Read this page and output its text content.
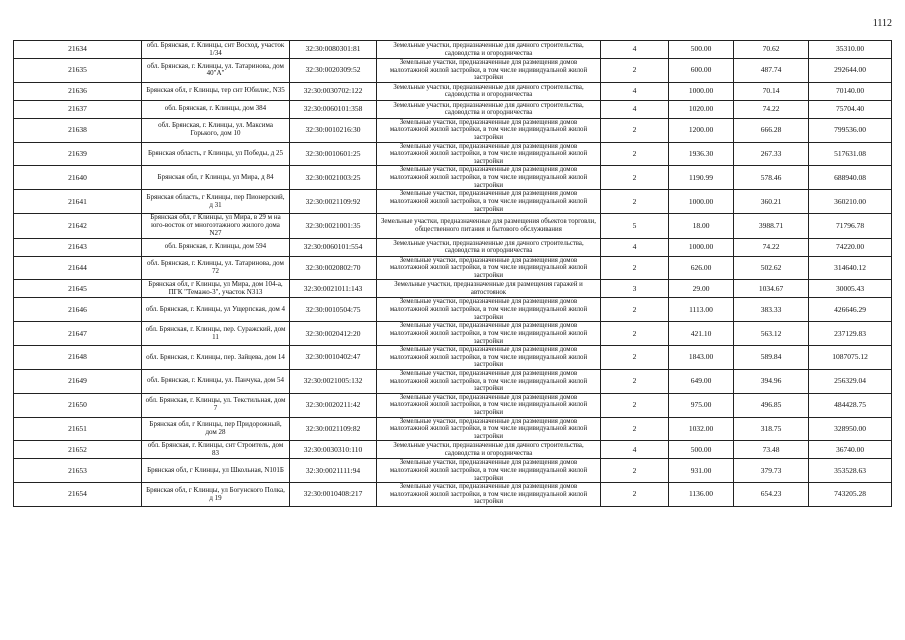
1112
21634	обл. Брянская, г. Клинцы, снт Восход, участок 1/34	32:30:0080301:81	Земельные участки, предназначенные для дачного строительства, садоводства и огородничества	4	500.00	70.62	35310.00
21635	обл. Брянская, г. Клинцы, ул. Татаринова, дом 40"А"	32:30:0020309:52	Земельные участки, предназначенные для размещения домов малоэтажной жилой застройки, в том числе индивидуальной жилой застройки	2	600.00	487.74	292644.00
21636	Брянская обл, г Клинцы, тер снт Юбилис, N35	32:30:0030702:122	Земельные участки, предназначенные для дачного строительства, садоводства и огородничества	4	1000.00	70.14	70140.00
21637	обл. Брянская, г. Клинцы, дом 384	32:30:0060101:358	Земельные участки, предназначенные для дачного строительства, садоводства и огородничества	4	1020.00	74.22	75704.40
21638	обл. Брянская, г. Клинцы, ул. Максима Горького, дом 10	32:30:0010216:30	Земельные участки, предназначенные для размещения домов малоэтажной жилой застройки, в том числе индивидуальной жилой застройки	2	1200.00	666.28	799536.00
21639	Брянская область, г Клинцы, ул Победы, д 25	32:30:0010601:25	Земельные участки, предназначенные для размещения домов малоэтажной жилой застройки, в том числе индивидуальной жилой застройки	2	1936.30	267.33	517631.08
21640	Брянская обл, г Клинцы, ул Мира, д 84	32:30:0021003:25	Земельные участки, предназначенные для размещения домов малоэтажной жилой застройки, в том числе индивидуальной жилой застройки	2	1190.99	578.46	688940.08
21641	Брянская область, г Клинцы, пер Пионерский, д 31	32:30:0021109:92	Земельные участки, предназначенные для размещения домов малоэтажной жилой застройки, в том числе индивидуальной жилой застройки	2	1000.00	360.21	360210.00
21642	Брянская обл, г Клинцы, ул Мира, в 29 м на юго-восток от многоэтажного жилого дома N27	32:30:0021001:35	Земельные участки, предназначенные для размещения объектов торговли, общественного питания и бытового обслуживания	5	18.00	3988.71	71796.78
21643	обл. Брянская, г. Клинцы, дом 594	32:30:0060101:554	Земельные участки, предназначенные для дачного строительства, садоводства и огородничества	4	1000.00	74.22	74220.00
21644	обл. Брянская, г. Клинцы, ул. Татаринова, дом 72	32:30:0020802:70	Земельные участки, предназначенные для размещения домов малоэтажной жилой застройки, в том числе индивидуальной жилой застройки	2	626.00	502.62	314640.12
21645	Брянская обл, г Клинцы, ул Мира, дом 104-а, ПГК "Темажо-3", участок N313	32:30:0021011:143	Земельные участки, предназначенные для размещения гаражей и автостоянок	3	29.00	1034.67	30005.43
21646	обл. Брянская, г. Клинцы, ул Ущерпская, дом 4	32:30:0010504:75	Земельные участки, предназначенные для размещения домов малоэтажной жилой застройки, в том числе индивидуальной жилой застройки	2	1113.00	383.33	426646.29
21647	обл. Брянская, г. Клинцы, пер. Суражский, дом 11	32:30:0020412:20	Земельные участки, предназначенные для размещения домов малоэтажной жилой застройки, в том числе индивидуальной жилой застройки	2	421.10	563.12	237129.83
21648	обл. Брянская, г. Клинцы, пер. Зайцева, дом 14	32:30:0010402:47	Земельные участки, предназначенные для размещения домов малоэтажной жилой застройки, в том числе индивидуальной жилой застройки	2	1843.00	589.84	1087075.12
21649	обл. Брянская, г. Клинцы, ул. Панчука, дом 54	32:30:0021005:132	Земельные участки, предназначенные для размещения домов малоэтажной жилой застройки, в том числе индивидуальной жилой застройки	2	649.00	394.96	256329.04
21650	обл. Брянская, г. Клинцы, ул. Текстильная, дом 7	32:30:0020211:42	Земельные участки, предназначенные для размещения домов малоэтажной жилой застройки, в том числе индивидуальной жилой застройки	2	975.00	496.85	484428.75
21651	Брянская обл, г Клинцы, пер Придорожный, дом 28	32:30:0021109:82	Земельные участки, предназначенные для размещения домов малоэтажной жилой застройки, в том числе индивидуальной жилой застройки	2	1032.00	318.75	328950.00
21652	обл. Брянская, г. Клинцы, снт Строитель, дом 83	32:30:0030310:110	Земельные участки, предназначенные для дачного строительства, садоводства и огородничества	4	500.00	73.48	36740.00
21653	Брянская обл, г Клинцы, ул Школьная, N101Б	32:30:0021111:94	Земельные участки, предназначенные для размещения домов малоэтажной жилой застройки, в том числе индивидуальной жилой застройки	2	931.00	379.73	353528.63
21654	Брянская обл, г Клинцы, ул Богунского Полка, д 19	32:30:0010408:217	Земельные участки, предназначенные для размещения домов малоэтажной жилой застройки, в том числе индивидуальной жилой застройки	2	1136.00	654.23	743205.28
